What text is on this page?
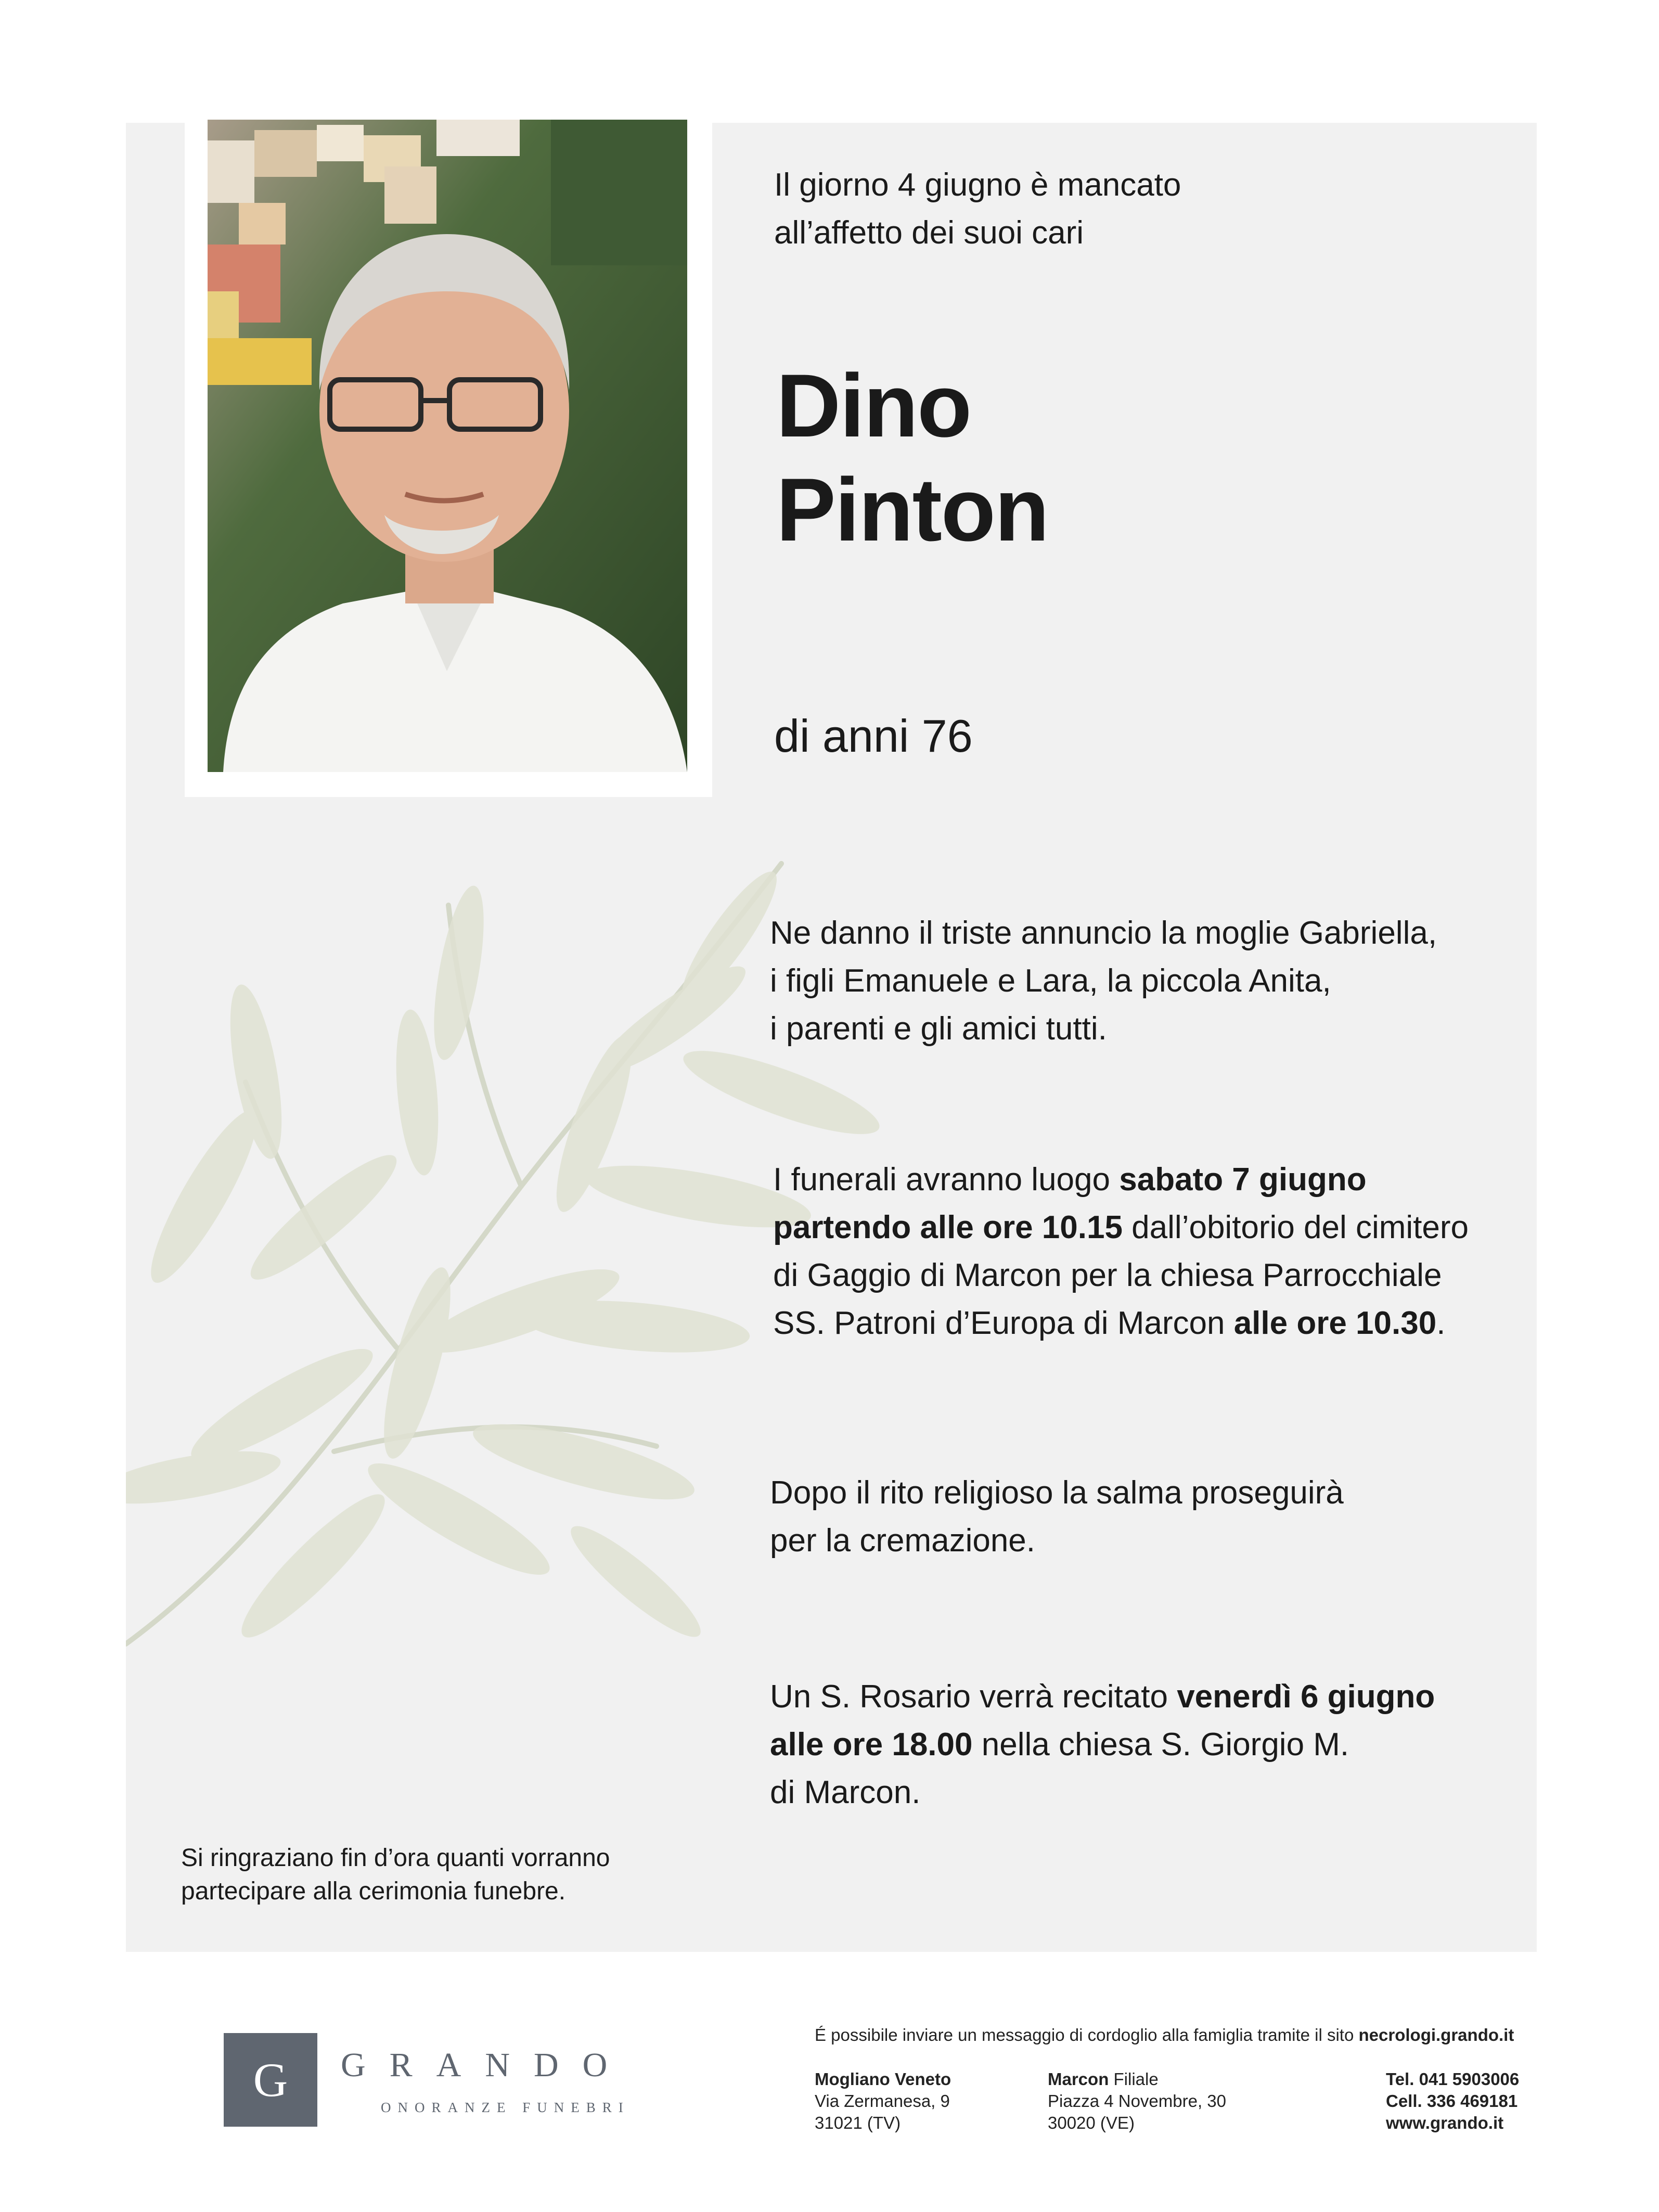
Il giorno 4 giugno è mancato
all’affetto dei suoi cari

Dino
Pinton

di anni 76

Ne danno il triste annuncio la moglie Gabriella,
i figli Emanuele e Lara, la piccola Anita,
i parenti e gli amici tutti.

I funerali avranno luogo sabato 7 giugno
partendo alle ore 10.15 dall’obitorio del cimitero
di Gaggio di Marcon per la chiesa Parrocchiale
SS. Patroni d’Europa di Marcon alle ore 10.30.

Dopo il rito religioso la salma proseguirà
per la cremazione.

Un S. Rosario verrà recitato venerdì 6 giugno
alle ore 18.00 nella chiesa S. Giorgio M.
di Marcon.

Si ringraziano fin d’ora quanti vorranno
partecipare alla cerimonia funebre.

G	GRANDO
ONORANZE FUNEBRI
É possibile inviare un messaggio di cordoglio alla famiglia tramite il sito necrologi.grando.it
Mogliano Veneto
Via Zermanesa, 9
31021 (TV)
Marcon Filiale
Piazza 4 Novembre, 30
30020 (VE)
Tel. 041 5903006
Cell. 336 469181
www.grando.it
